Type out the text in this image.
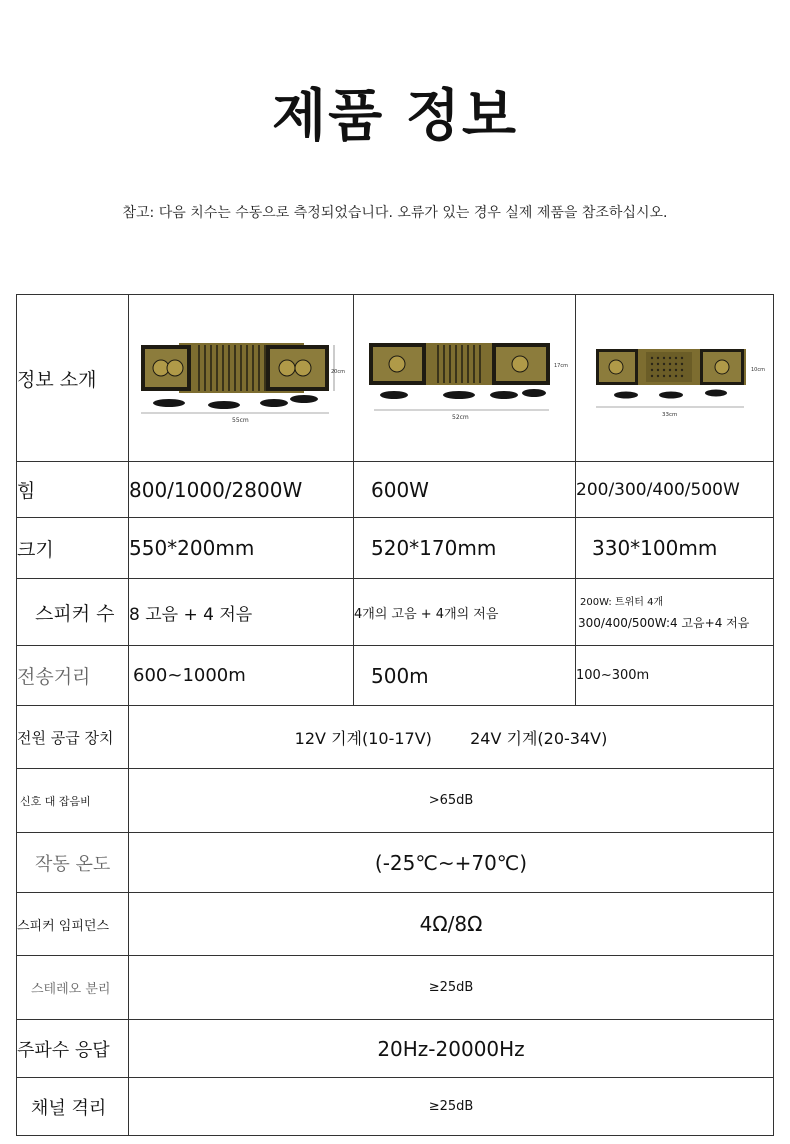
제품 정보
참고: 다음 치수는 수동으로 측정되었습니다. 오류가 있는 경우 실제 제품을 참조하십시오.
정보 소개	55cm
20cm	52cm
17cm	33cm
10cm

힘	800/1000/2800W	600W	200/300/400/500W
크기	550*200mm	520*170mm	330*100mm
스피커 수	8 고음 + 4 저음	4개의 고음 + 4개의 저음	200W: 트위터 4개
300/400/500W:4 고음+4 저음

전송거리	600~1000m	500m	100~300m
전원 공급 장치	12V 기계(10-17V) 24V 기계(20-34V)		
신호 대 잡음비	>65dB		
작동 온도	(-25℃~+70℃)		
스피커 임피던스	4Ω/8Ω		
스테레오 분리	≥25dB		
주파수 응답	20Hz-20000Hz		
채널 격리	≥25dB		
